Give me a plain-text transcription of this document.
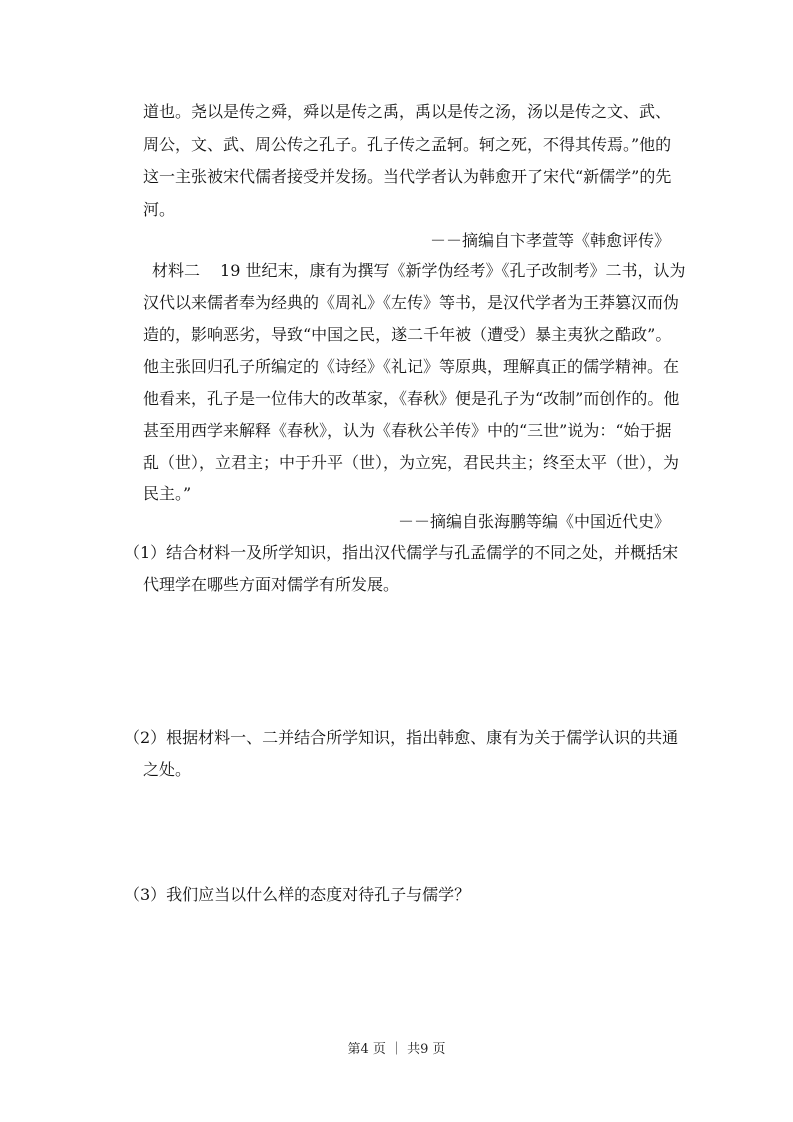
道也。尧以是传之舜，舜以是传之禹，禹以是传之汤，汤以是传之文、武、
周公，文、武、周公传之孔子。孔子传之孟轲。轲之死，不得其传焉。”他的
这一主张被宋代儒者接受并发扬。当代学者认为韩愈开了宋代“新儒学”的先
河。
－－摘编自卞孝萱等《韩愈评传》
材料二 19 世纪末，康有为撰写《新学伪经考》《孔子改制考》二书，认为
汉代以来儒者奉为经典的《周礼》《左传》等书，是汉代学者为王莽篡汉而伪
造的，影响恶劣，导致“中国之民，遂二千年被（遭受）暴主夷狄之酷政”。
他主张回归孔子所编定的《诗经》《礼记》等原典，理解真正的儒学精神。在
他看来，孔子是一位伟大的改革家，《春秋》便是孔子为“改制”而创作的。他
甚至用西学来解释《春秋》，认为《春秋公羊传》中的“三世”说为：“始于据
乱（世），立君主；中于升平（世），为立宪，君民共主；终至太平（世），为
民主。”
－－摘编自张海鹏等编《中国近代史》
（1）结合材料一及所学知识，指出汉代儒学与孔孟儒学的不同之处，并概括宋
代理学在哪些方面对儒学有所发展。
（2）根据材料一、二并结合所学知识，指出韩愈、康有为关于儒学认识的共通
之处。
（3）我们应当以什么样的态度对待孔子与儒学？
第4 页 ｜ 共9 页
